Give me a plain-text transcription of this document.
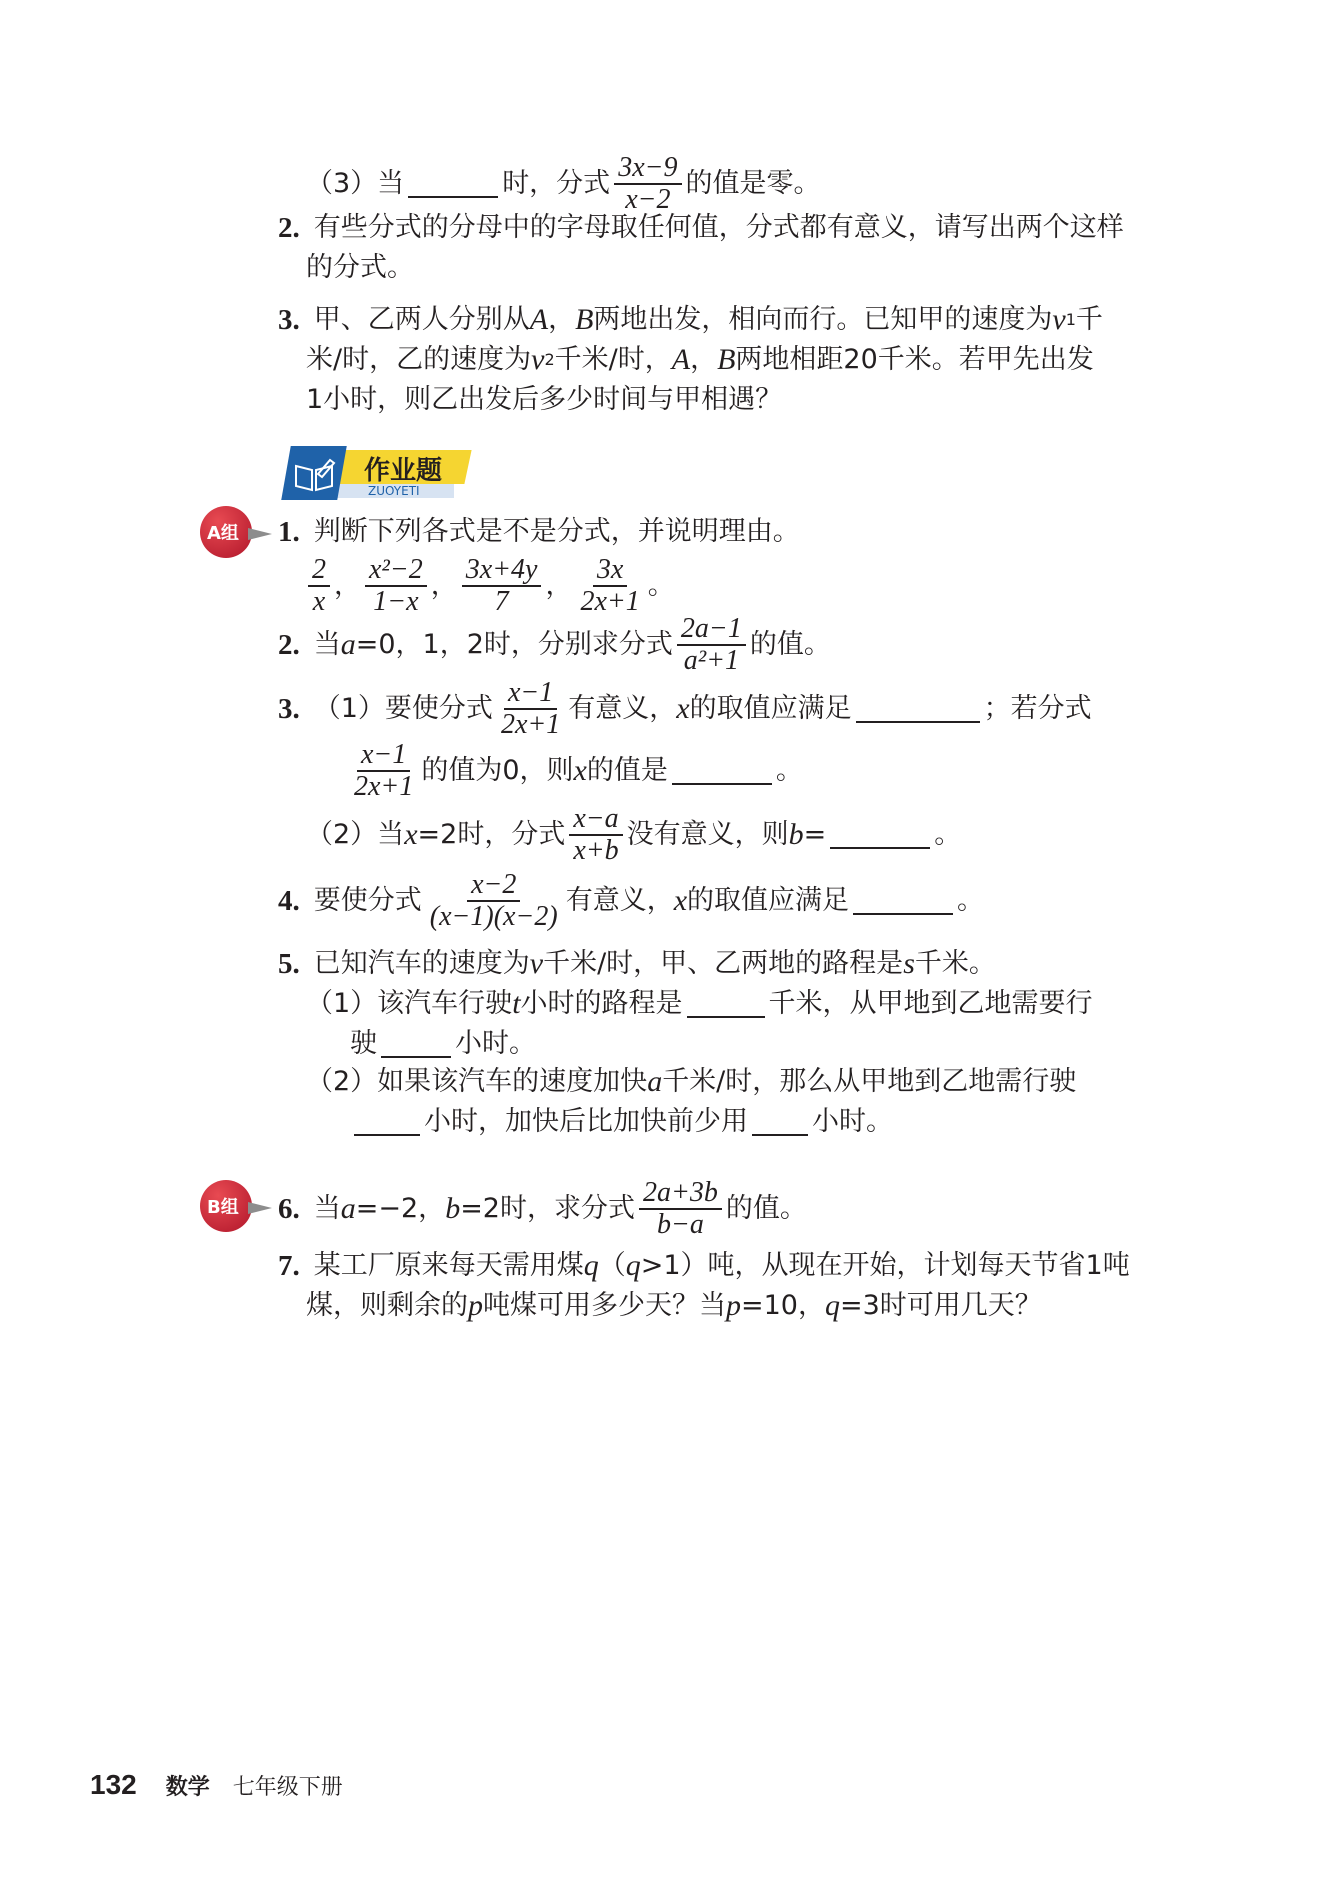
（3）当	时，分式 $\frac{3x-9}{x-2}$ 的值是零。
2. 有些分式的分母中的字母取任何值，分式都有意义，请写出两个这样
的分式。
3. 甲、乙两人分别从 A ， B 两地出发，相向而行。已知甲的速度为 v 1 千
米/时，乙的速度为 v 2 千米/时， A ， B 两地相距20千米。若甲先出发
1小时，则乙出发后多少时间与甲相遇？
作业题
ZUOYETI
A组 1. 判断下列各式是不是分式，并说明理由。
$\frac{2}{x}$ ， $\frac{\text{x²−2}}{1-x}$ ， $\frac{3x+4y}{7}$ ， $\frac{3x}{2x+1}$ 。
2. 当 a =0，1，2时，分别求分式 $\frac{2a-1}{\text{a²+1}}$ 的值。
3. （1）要使分式 $\frac{x-1}{2x+1}$ 有意义， x 的取值应满足	；若分式
$\frac{x-1}{2x+1}$ 的值为0，则 x 的值是	。
（2）当 x =2时，分式 $\frac{x-a}{x+b}$ 没有意义，则 b =	。
4. 要使分式 $\frac{x-2}{(x-1)(x-2)}$ 有意义， x 的取值应满足	。
5. 已知汽车的速度为 v 千米/时，甲、乙两地的路程是 s 千米。
（1）该汽车行驶 t 小时的路程是	千米，从甲地到乙地需要行
驶	小时。
（2）如果该汽车的速度加快 a 千米/时，那么从甲地到乙地需行驶
小时，加快后比加快前少用 小时。
B组 6. 当 a =−2， b =2时，求分式 $\frac{2a+3b}{b-a}$ 的值。
7. 某工厂原来每天需用煤 q （ q >1）吨，从现在开始，计划每天节省1吨
煤，则剩余的 p 吨煤可用多少天？当 p =10， q =3时可用几天？
132 数学 七年级下册
